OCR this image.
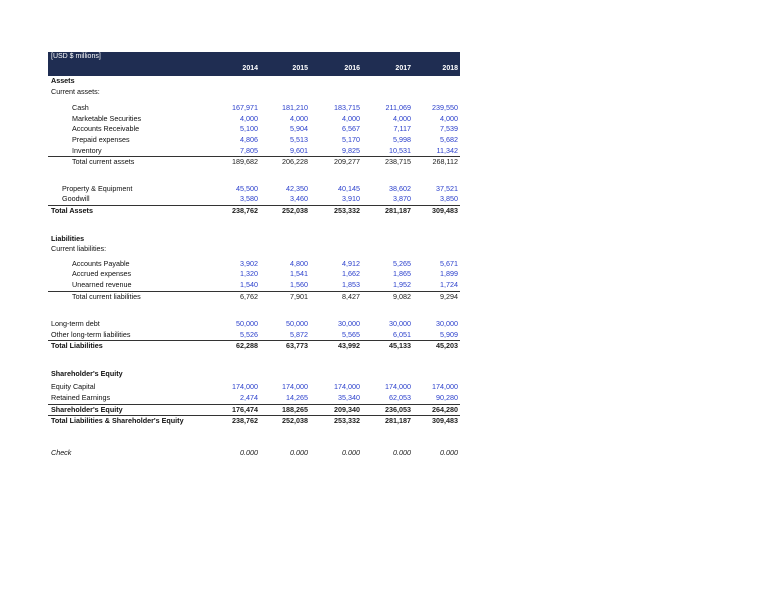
[USD $ millions]
2014	2015	2016	2017	2018
Assets
Current assets:
Cash	167,971	181,210	183,715	211,069	239,550
Marketable Securities	4,000	4,000	4,000	4,000	4,000
Accounts Receivable	5,100	5,904	6,567	7,117	7,539
Prepaid expenses	4,806	5,513	5,170	5,998	5,682
Inventory	7,805	9,601	9,825	10,531	11,342
Total current assets	189,682	206,228	209,277	238,715	268,112
Property & Equipment	45,500	42,350	40,145	38,602	37,521
Goodwill	3,580	3,460	3,910	3,870	3,850
Total Assets	238,762	252,038	253,332	281,187	309,483
Liabilities
Current liabilities:
Accounts Payable	3,902	4,800	4,912	5,265	5,671
Accrued expenses	1,320	1,541	1,662	1,865	1,899
Unearned revenue	1,540	1,560	1,853	1,952	1,724
Total current liabilities	6,762	7,901	8,427	9,082	9,294
Long-term debt	50,000	50,000	30,000	30,000	30,000
Other long-term liabilities	5,526	5,872	5,565	6,051	5,909
Total Liabilities	62,288	63,773	43,992	45,133	45,203
Shareholder's Equity
Equity Capital	174,000	174,000	174,000	174,000	174,000
Retained Earnings	2,474	14,265	35,340	62,053	90,280
Shareholder's Equity	176,474	188,265	209,340	236,053	264,280
Total Liabilities & Shareholder's Equity	238,762	252,038	253,332	281,187	309,483
Check	0.000	0.000	0.000	0.000	0.000
